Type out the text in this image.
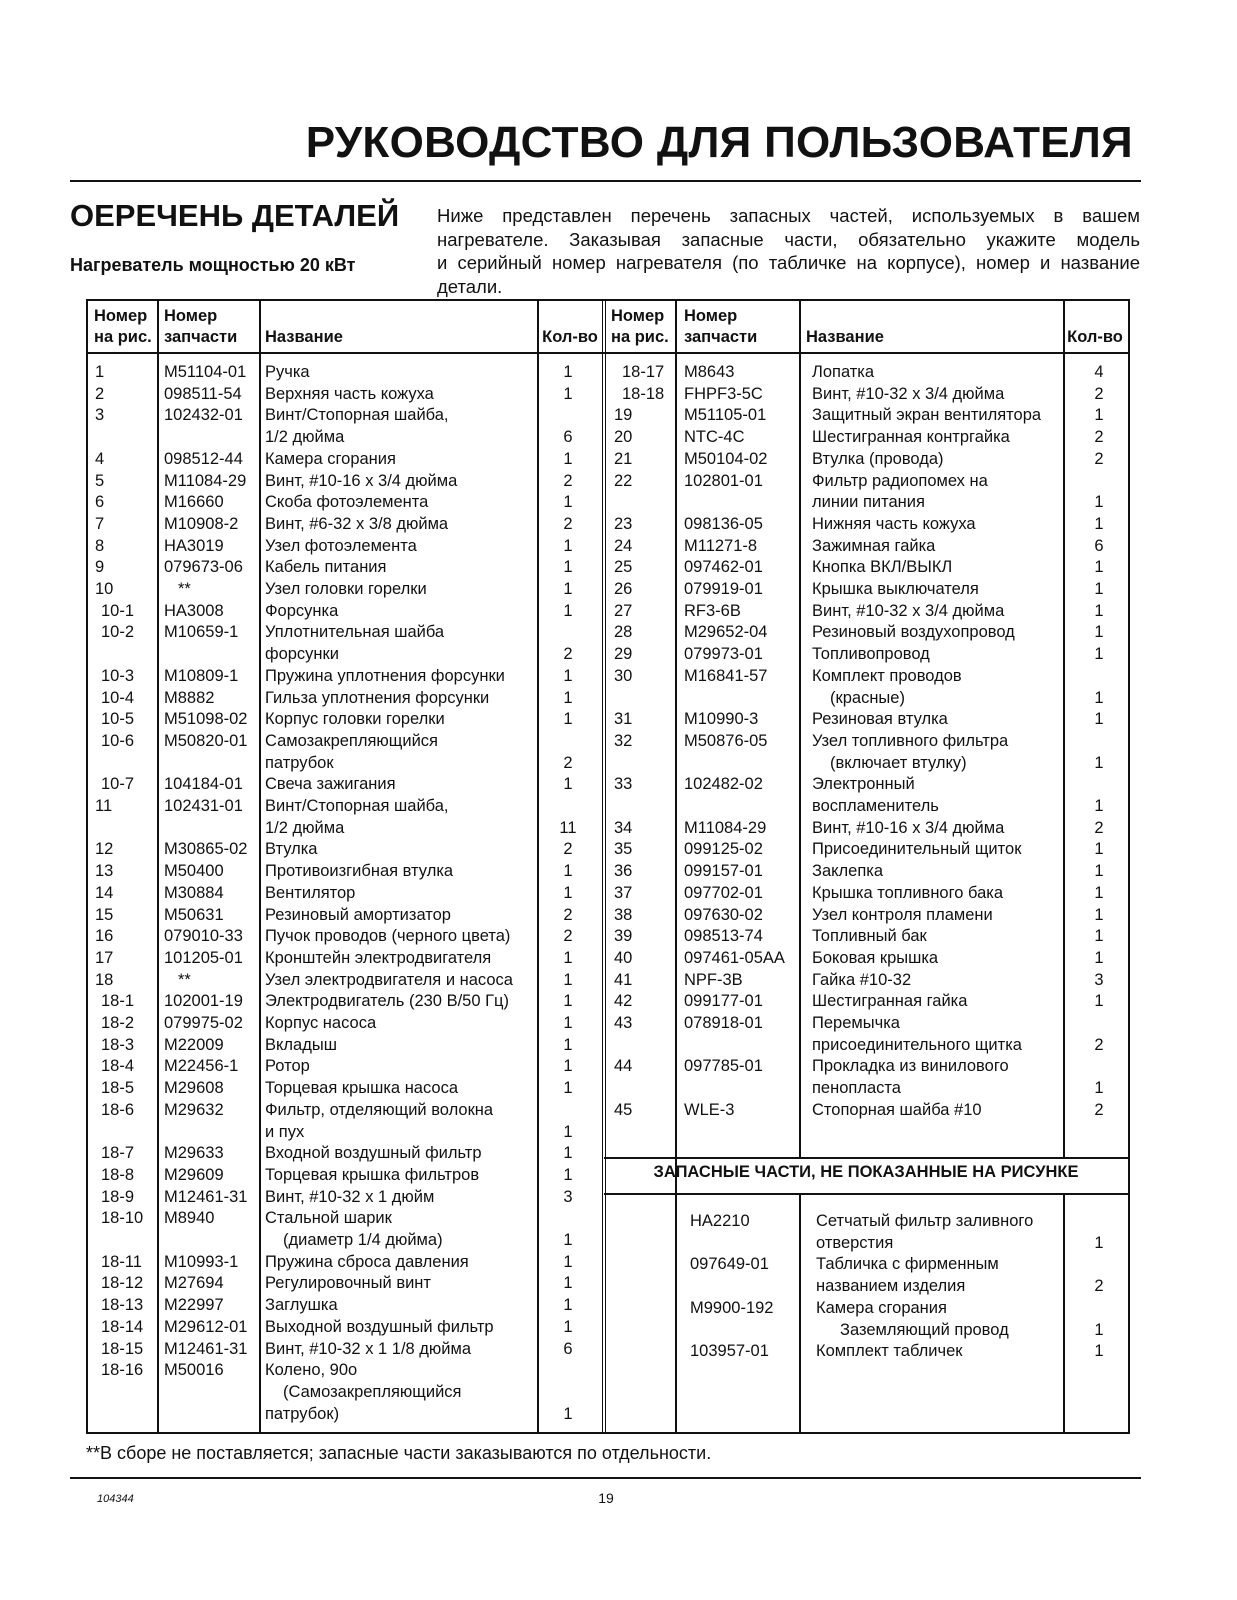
РУКОВОДСТВО ДЛЯ ПОЛЬЗОВАТЕЛЯ
ОЕРЕЧЕНЬ ДЕТАЛЕЙ
Нагреватель мощностью 20 кВт
Ниже представлен перечень запасных частей, используемых в вашем
нагревателе. Заказывая запасные части, обязательно укажите модель
и серийный номер нагревателя (по табличке на корпусе), номер и название
детали.
Номер
на рис.
Номер
запчасти Название	Кол-во
Номер
на рис.
Номер
запчасти	Название	Кол-во
1	M51104-01 Ручка	1
2	098511-54 Верхняя часть кожуха	1
3	102432-01 Винт/Стопорная шайба,
1/2 дюйма	6
4	098512-44 Камера сгорания	1
5	M11084-29 Винт, #10-16 x 3/4 дюйма	2
6	M16660	Скоба фотоэлемента	1
7	M10908-2 Винт, #6-32 x 3/8 дюйма	2
8	HA3019	Узел фотоэлемента	1
9	079673-06 Кабель питания	1
10	**	Узел головки горелки	1
10-1 HA3008	Форсунка	1
10-2 M10659-1 Уплотнительная шайба
форсунки	2
10-3 M10809-1 Пружина уплотнения форсунки	1
10-4 M8882	Гильза уплотнения форсунки	1
10-5 M51098-02 Корпус головки горелки	1
10-6 M50820-01 Самозакрепляющийся
патрубок	2
10-7 104184-01 Свеча зажигания	1
11	102431-01 Винт/Стопорная шайба,
1/2 дюйма	11
12	M30865-02 Втулка	2
13	M50400	Противоизгибная втулка	1
14	M30884	Вентилятор	1
15	M50631	Резиновый амортизатор	2
16	079010-33 Пучок проводов (черного цвета)	2
17	101205-01 Кронштейн электродвигателя	1
18	**	Узел электродвигателя и насоса	1
18-1 102001-19 Электродвигатель (230 В/50 Гц)	1
18-2 079975-02 Корпус насоса	1
18-3 M22009	Вкладыш	1
18-4 M22456-1 Ротор	1
18-5 M29608	Торцевая крышка насоса	1
18-6 M29632	Фильтр, отделяющий волокна
и пух	1
18-7 M29633	Входной воздушный фильтр	1
18-8 M29609	Торцевая крышка фильтров	1
18-9 M12461-31 Винт, #10-32 x 1 дюйм	3
18-10 M8940	Стальной шарик
(диаметр 1/4 дюйма)	1
18-11 M10993-1 Пружина сброса давления	1
18-12 M27694	Регулировочный винт	1
18-13 M22997	Заглушка	1
18-14 M29612-01 Выходной воздушный фильтр	1
18-15 M12461-31 Винт, #10-32 x 1 1/8 дюйма	6
18-16 M50016	Колено, 90о
(Самозакрепляющийся
патрубок)	1
18-17 M8643	Лопатка	4
18-18 FHPF3-5C	Винт, #10-32 x 3/4 дюйма	2
19	M51105-01	Защитный экран вентилятора	1
20	NTC-4C	Шестигранная контргайка	2
21	M50104-02	Втулка (провода)	2
22	102801-01	Фильтр радиопомех на
линии питания	1
23	098136-05	Нижняя часть кожуха	1
24	M11271-8	Зажимная гайка	6
25	097462-01	Кнопка ВКЛ/ВЫКЛ	1
26	079919-01	Крышка выключателя	1
27	RF3-6B	Винт, #10-32 x 3/4 дюйма	1
28	M29652-04	Резиновый воздухопровод	1
29	079973-01	Топливопровод	1
30	M16841-57	Комплект проводов
(красные)	1
31	M10990-3	Резиновая втулка	1
32	M50876-05	Узел топливного фильтра
(включает втулку)	1
33	102482-02	Электронный
воспламенитель	1
34	M11084-29	Винт, #10-16 x 3/4 дюйма	2
35	099125-02	Присоединительный щиток	1
36	099157-01	Заклепка	1
37	097702-01	Крышка топливного бака	1
38	097630-02	Узел контроля пламени	1
39	098513-74	Топливный бак	1
40	097461-05AA Боковая крышка	1
41	NPF-3B	Гайка #10-32	3
42	099177-01	Шестигранная гайка	1
43	078918-01	Перемычка
присоединительного щитка	2
44	097785-01	Прокладка из винилового
пенопласта	1
45	WLE-3	Стопорная шайба #10	2
ЗАПАСНЫЕ ЧАСТИ, НЕ ПОКАЗАННЫЕ НА РИСУНКЕ
HA2210	Сетчатый фильтр заливного
отверстия	1
097649-01	Табличка с фирменным
названием изделия	2
M9900-192	Камера сгорания
Заземляющий провод	1
103957-01	Комплект табличек	1
**В сборе не поставляется; запасные части заказываются по отдельности.
104344	19
